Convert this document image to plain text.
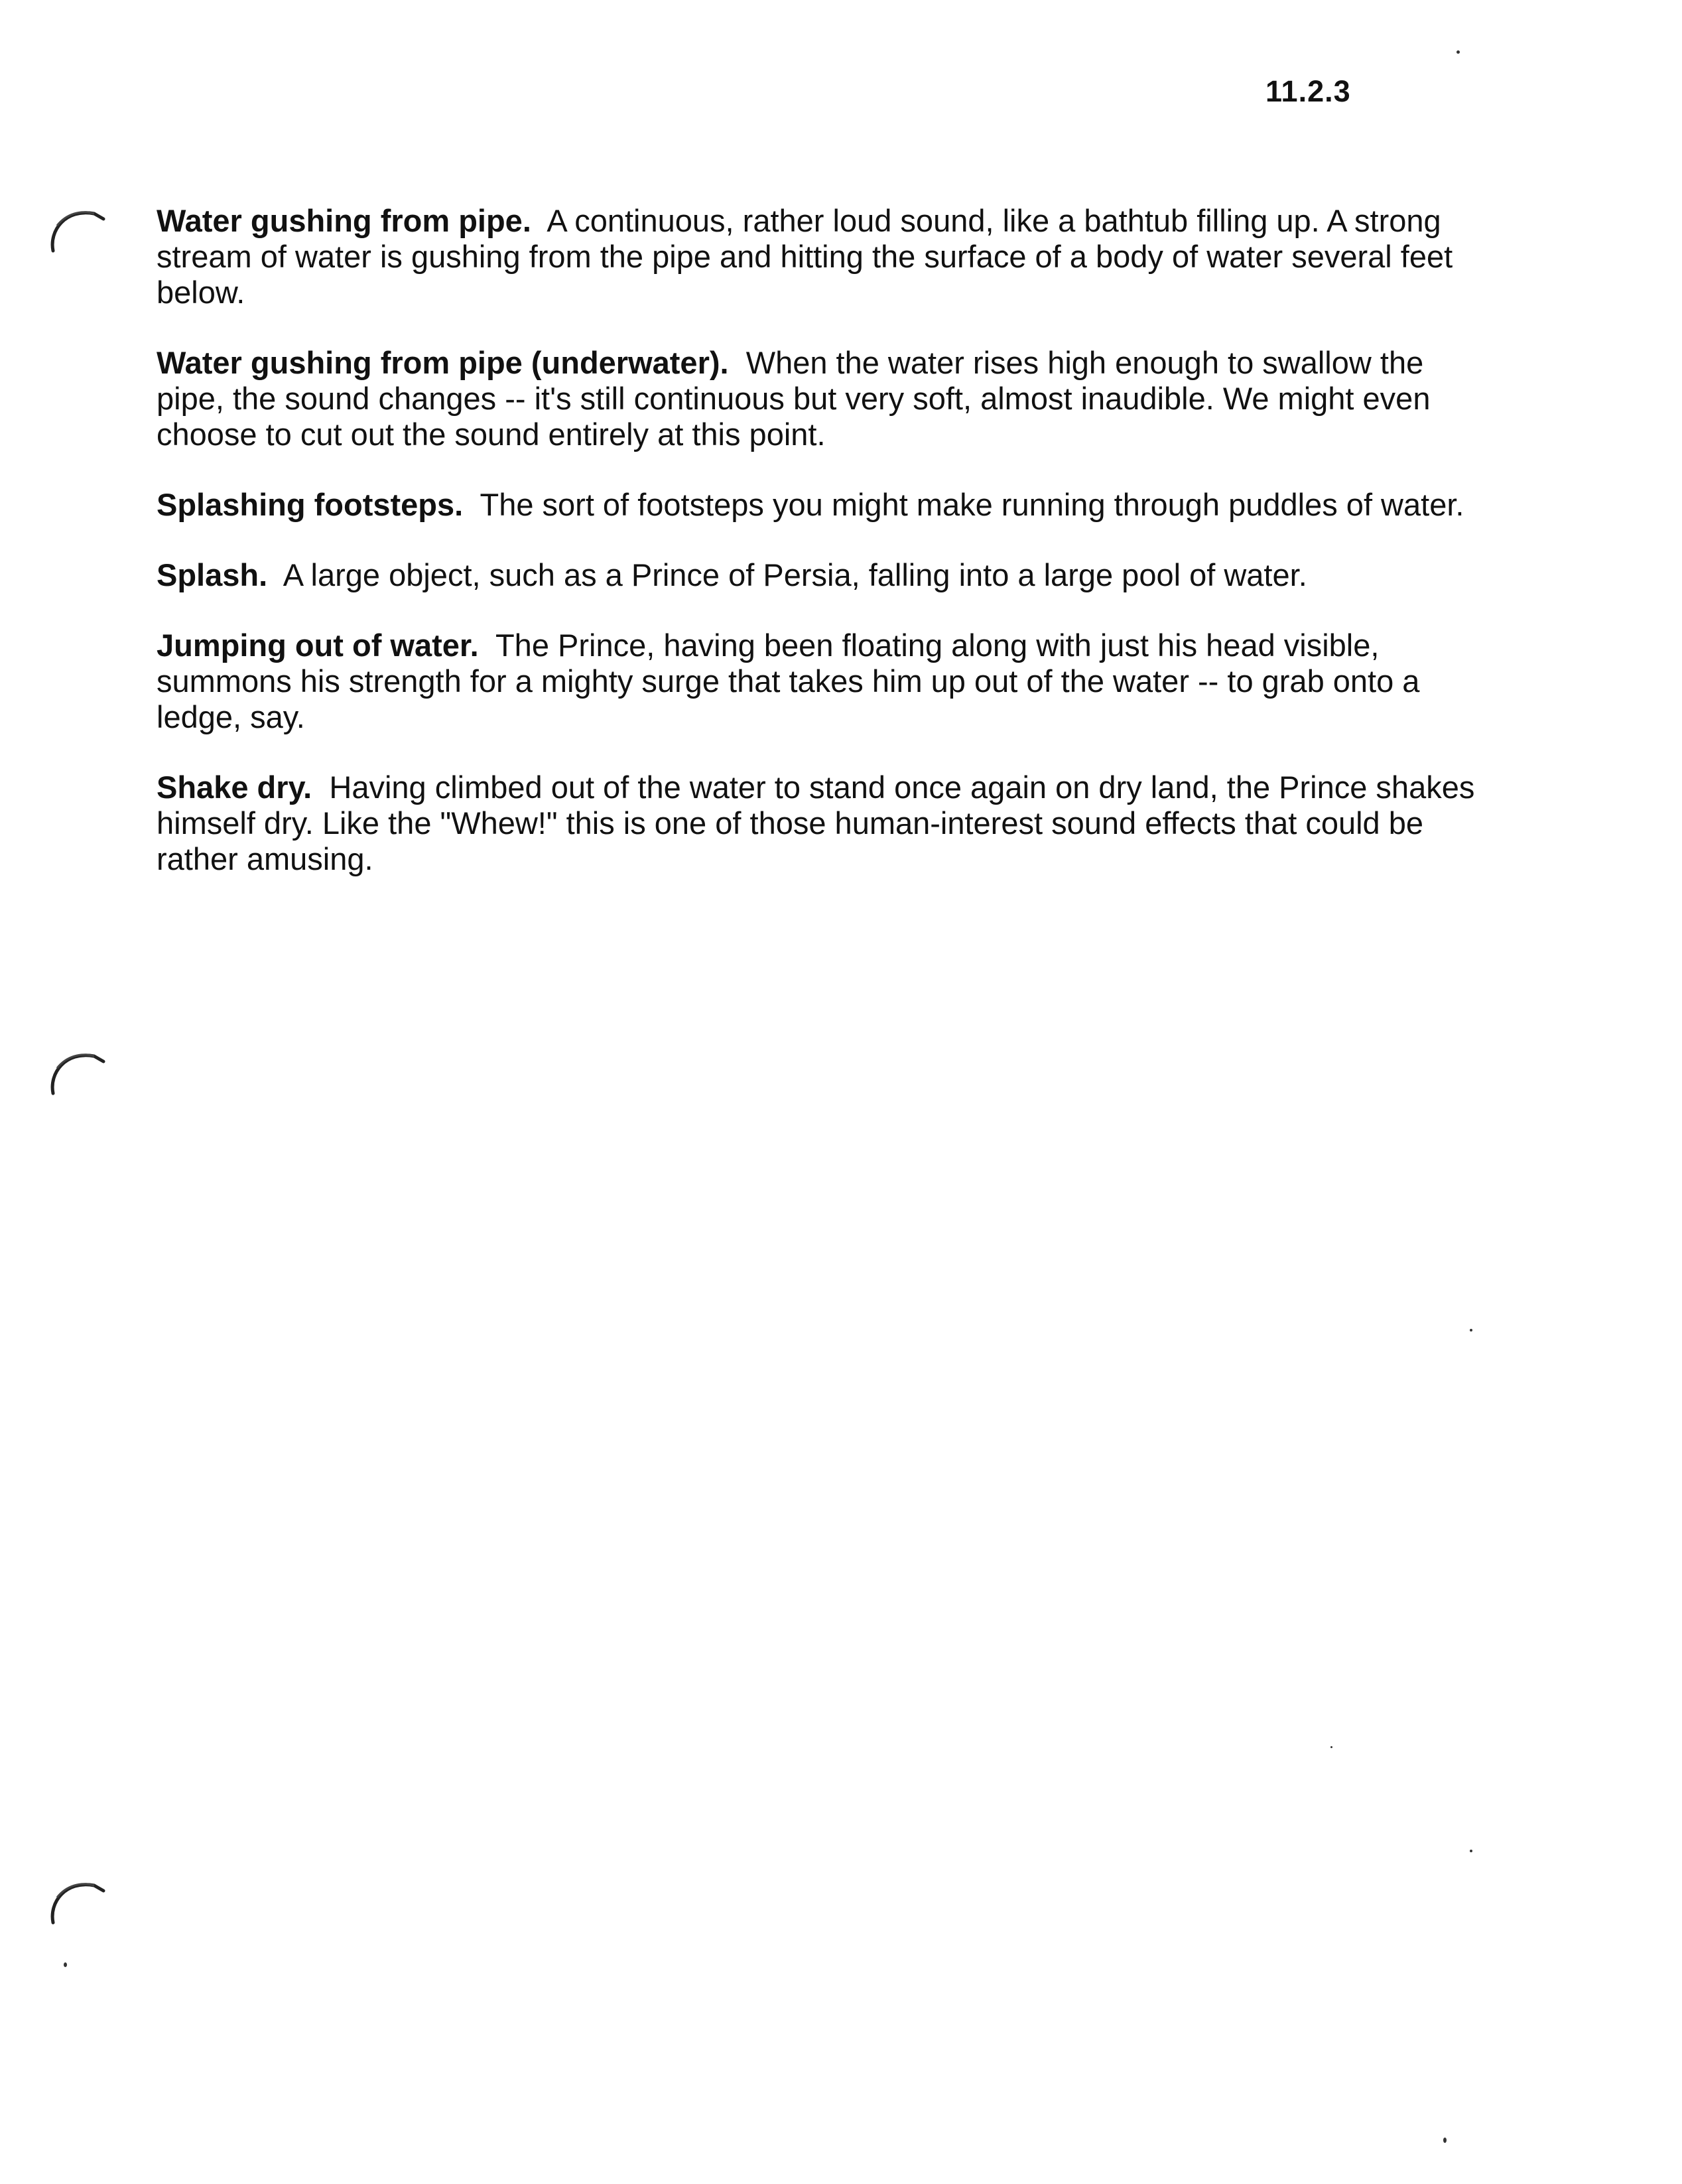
11.2.3

Water gushing from pipe. A continuous, rather loud sound, like a bathtub filling up. A strong stream of water is gushing from the pipe and hitting the surface of a body of water several feet below.

Water gushing from pipe (underwater). When the water rises high enough to swallow the pipe, the sound changes -- it's still continuous but very soft, almost inaudible. We might even choose to cut out the sound entirely at this point.

Splashing footsteps. The sort of footsteps you might make running through puddles of water.

Splash. A large object, such as a Prince of Persia, falling into a large pool of water.

Jumping out of water. The Prince, having been floating along with just his head visible, summons his strength for a mighty surge that takes him up out of the water -- to grab onto a ledge, say.

Shake dry. Having climbed out of the water to stand once again on dry land, the Prince shakes himself dry. Like the "Whew!" this is one of those human-interest sound effects that could be rather amusing.
